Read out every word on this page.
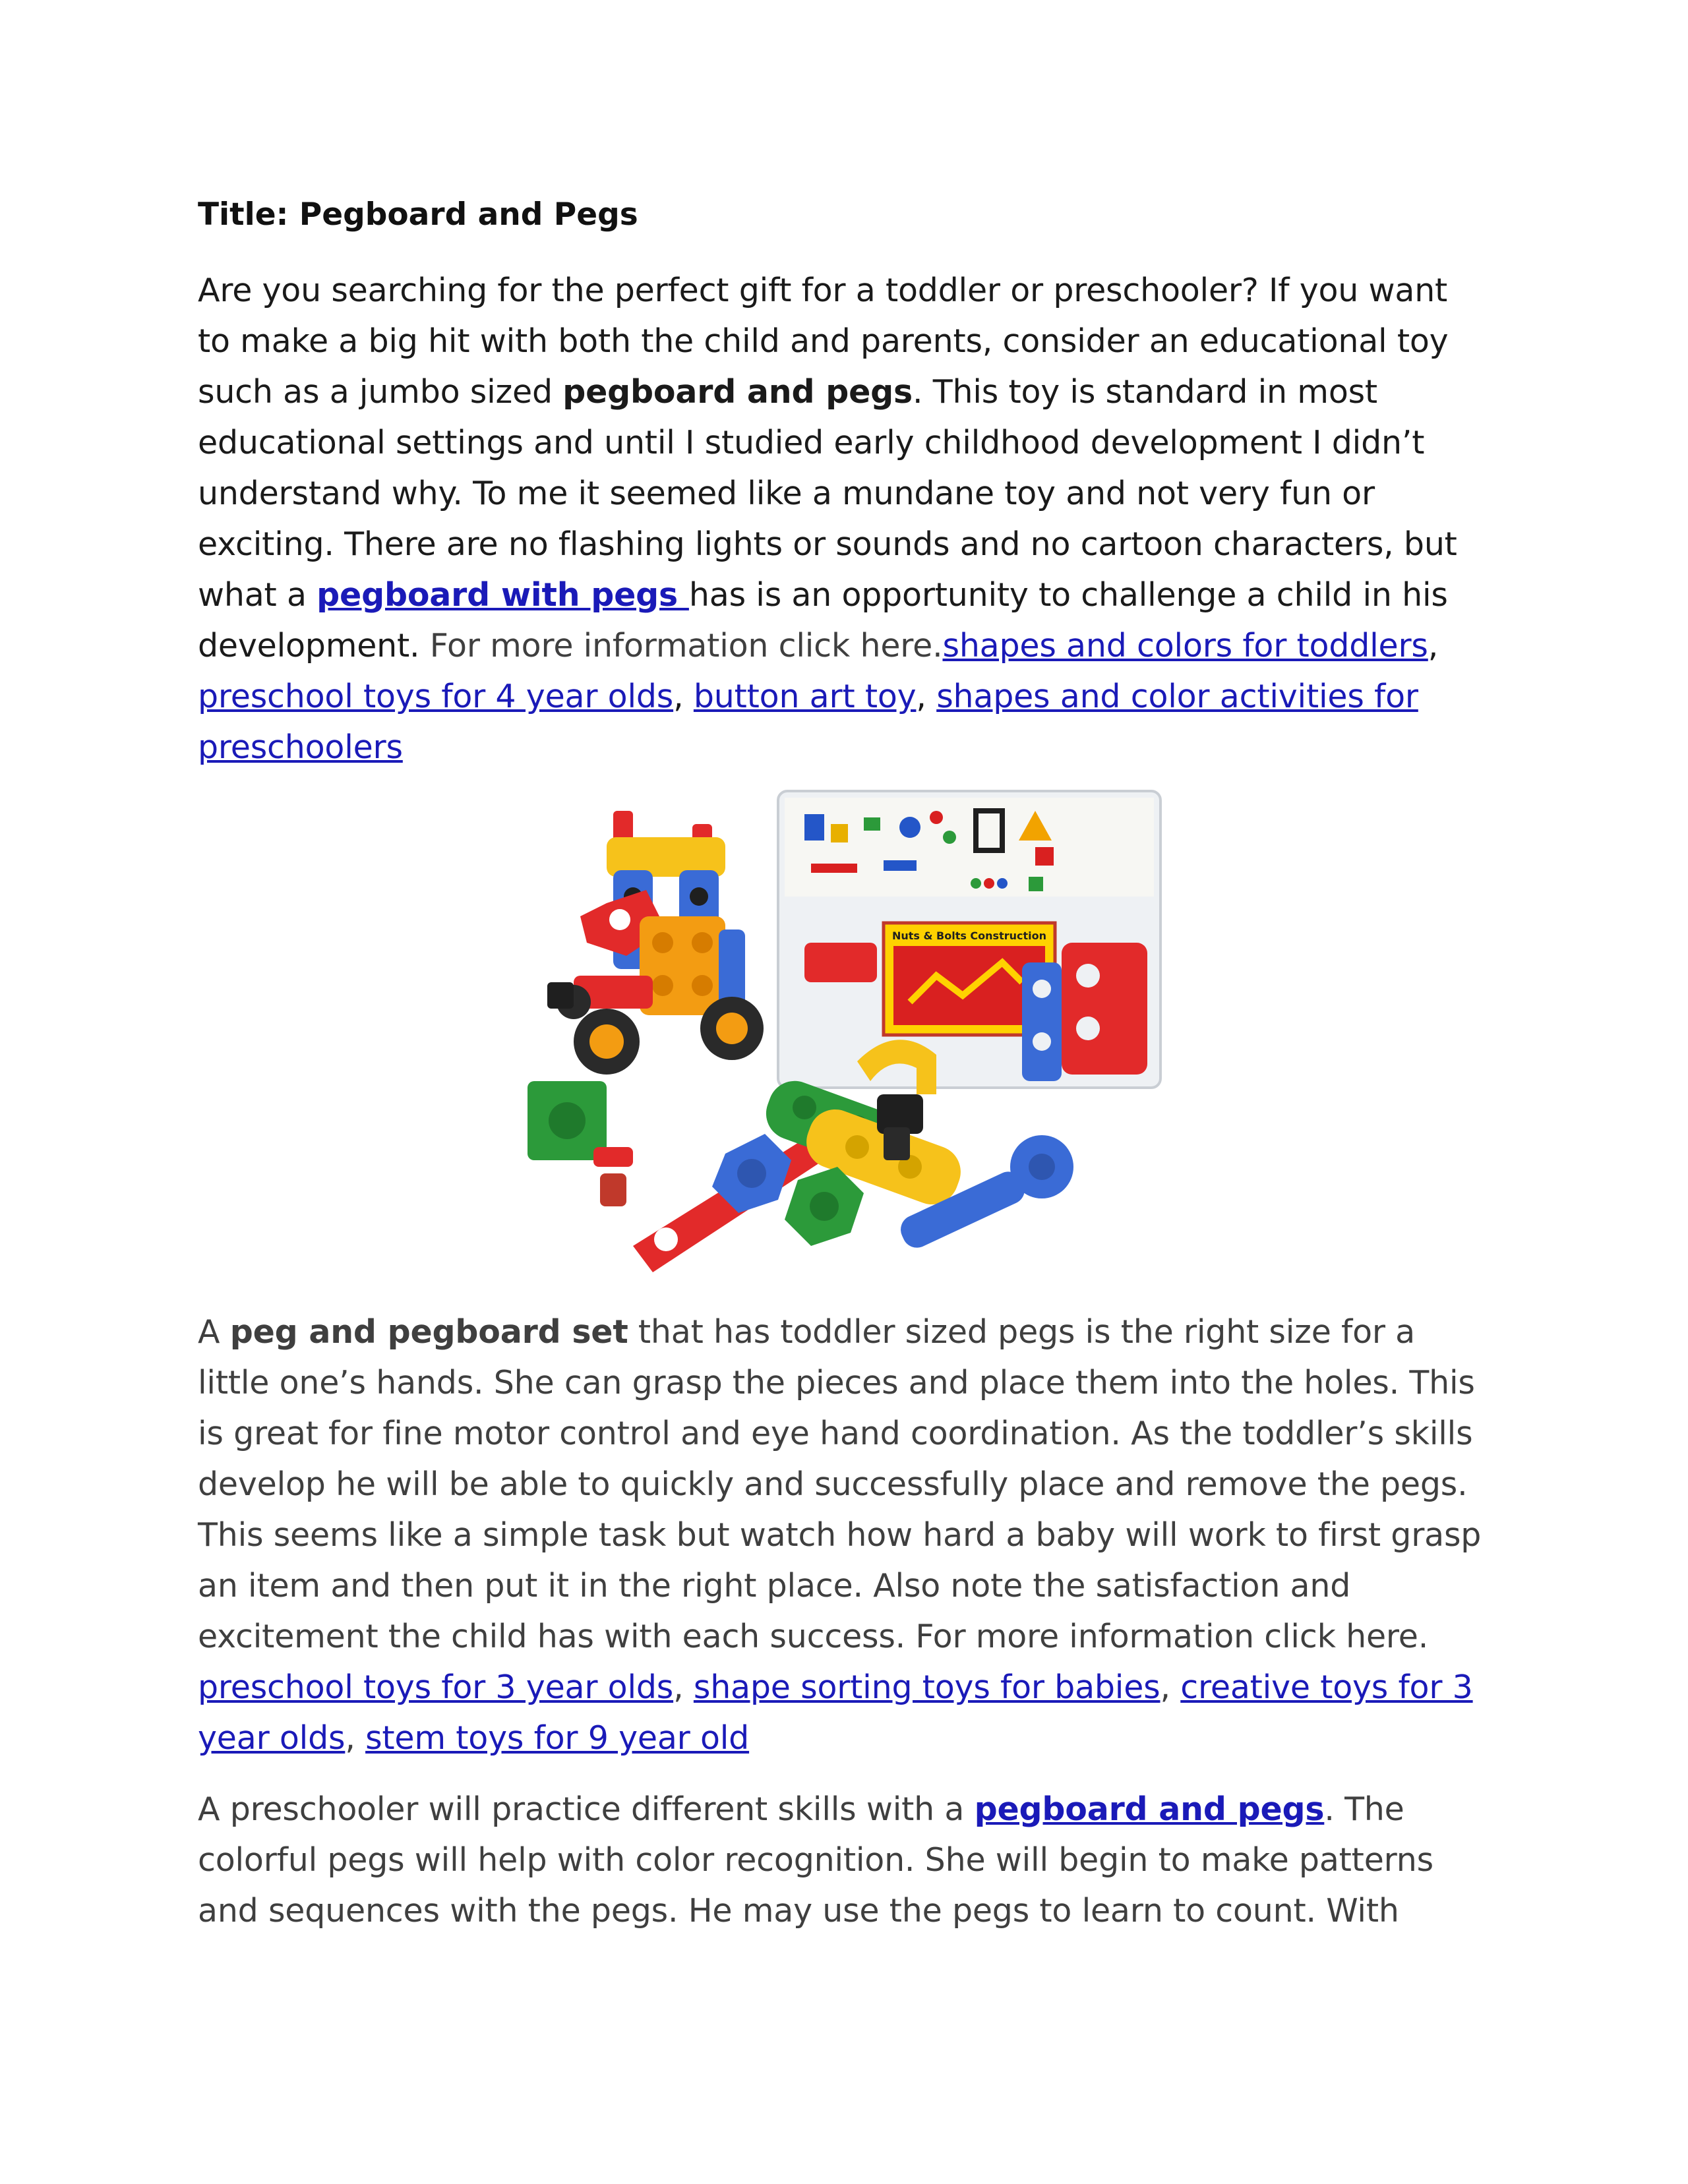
Title: Pegboard and Pegs

Are you searching for the perfect gift for a toddler or preschooler? If you want to make a big hit with both the child and parents, consider an educational toy such as a jumbo sized pegboard and pegs. This toy is standard in most educational settings and until I studied early childhood development I didn’t understand why. To me it seemed like a mundane toy and not very fun or exciting. There are no flashing lights or sounds and no cartoon characters, but what a pegboard with pegs has is an opportunity to challenge a child in his development. For more information click here.shapes and colors for toddlers, preschool toys for 4 year olds, button art toy, shapes and color activities for preschoolers

Nuts & Bolts Construction

A peg and pegboard set that has toddler sized pegs is the right size for a little one’s hands. She can grasp the pieces and place them into the holes. This is great for fine motor control and eye hand coordination. As the toddler’s skills develop he will be able to quickly and successfully place and remove the pegs. This seems like a simple task but watch how hard a baby will work to first grasp an item and then put it in the right place. Also note the satisfaction and excitement the child has with each success. For more information click here. preschool toys for 3 year olds, shape sorting toys for babies, creative toys for 3 year olds, stem toys for 9 year old

A preschooler will practice different skills with a pegboard and pegs. The colorful pegs will help with color recognition. She will begin to make patterns and sequences with the pegs. He may use the pegs to learn to count. With
